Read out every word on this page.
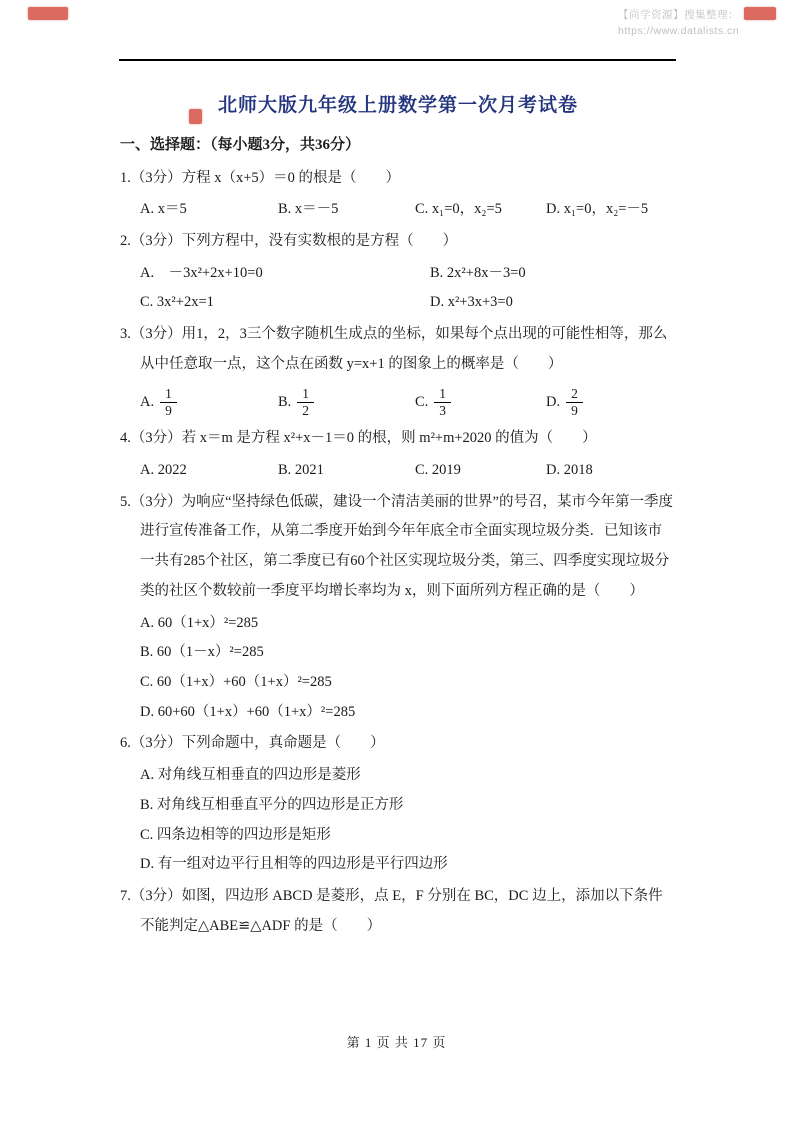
【尚学资源】搜集整理：
https://www.datalists.cn
北师大版九年级上册数学第一次月考试卷
一、选择题：（每小题3分，共36分）

1.（3分）方程 x（x+5）＝0 的根是（　　）

A. x＝5	B. x＝－5	C. x₁=0，x₂=5	D. x₁=0，x₂=－5

2.（3分）下列方程中，没有实数根的是方程（　　）

A.　－3x²+2x+10=0	B. 2x²+8x－3=0
C. 3x²+2x=1	D. x²+3x+3=0

3.（3分）用1，2，3三个数字随机生成点的坐标，如果每个点出现的可能性相等，那么从中任意取一点，这个点在函数 y=x+1 的图象上的概率是（　　）

A. $\frac{1}{9}$	B. $\frac{1}{2}$	C. $\frac{1}{3}$	D. $\frac{2}{9}$

4.（3分）若 x＝m 是方程 x²+x－1＝0 的根，则 m²+m+2020 的值为（　　）

A. 2022	B. 2021	C. 2019	D. 2018

5.（3分）为响应“坚持绿色低碳，建设一个清洁美丽的世界”的号召，某市今年第一季度进行宣传准备工作，从第二季度开始到今年年底全市全面实现垃圾分类．已知该市一共有285个社区，第二季度已有60个社区实现垃圾分类，第三、四季度实现垃圾分类的社区个数较前一季度平均增长率均为 x，则下面所列方程正确的是（　　）

A. 60（1+x）²=285
B. 60（1－x）²=285
C. 60（1+x）+60（1+x）²=285
D. 60+60（1+x）+60（1+x）²=285

6.（3分）下列命题中，真命题是（　　）

A. 对角线互相垂直的四边形是菱形
B. 对角线互相垂直平分的四边形是正方形
C. 四条边相等的四边形是矩形
D. 有一组对边平行且相等的四边形是平行四边形

7.（3分）如图，四边形 ABCD 是菱形，点 E，F 分别在 BC，DC 边上，添加以下条件不能判定△ABE≌△ADF 的是（　　）

第 1 页 共 17 页
